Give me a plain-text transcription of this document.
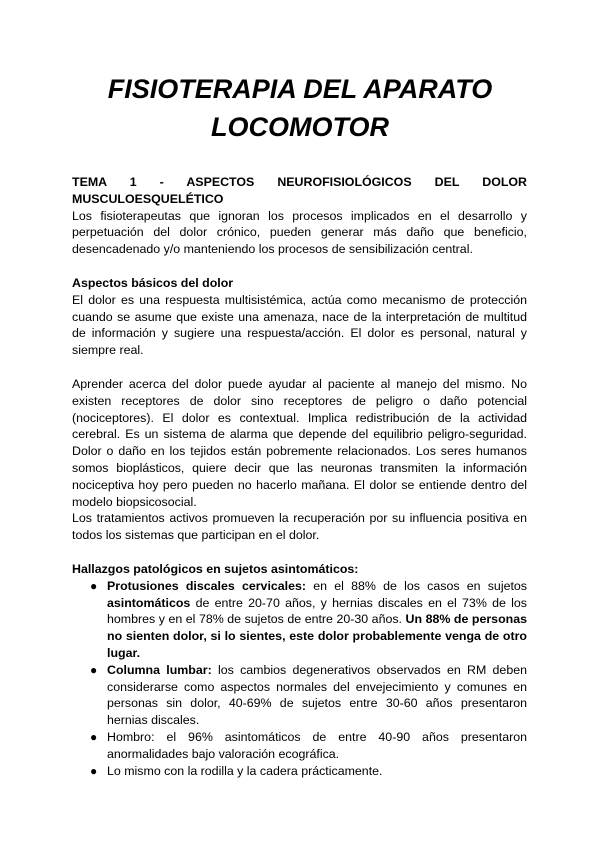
FISIOTERAPIA DEL APARATO
LOCOMOTOR

TEMA 1 - ASPECTOS NEUROFISIOLÓGICOS DEL DOLOR
MUSCULOESQUELÉTICO

Los fisioterapeutas que ignoran los procesos implicados en el desarrollo y perpetuación del dolor crónico, pueden generar más daño que beneficio, desencadenado y/o manteniendo los procesos de sensibilización central.

Aspectos básicos del dolor

El dolor es una respuesta multisistémica, actúa como mecanismo de protección cuando se asume que existe una amenaza, nace de la interpretación de multitud de información y sugiere una respuesta/acción. El dolor es personal, natural y siempre real.

Aprender acerca del dolor puede ayudar al paciente al manejo del mismo. No existen receptores de dolor sino receptores de peligro o daño potencial (nociceptores). El dolor es contextual. Implica redistribución de la actividad cerebral. Es un sistema de alarma que depende del equilibrio peligro-seguridad. Dolor o daño en los tejidos están pobremente relacionados. Los seres humanos somos bioplásticos, quiere decir que las neuronas transmiten la información nociceptiva hoy pero pueden no hacerlo mañana. El dolor se entiende dentro del modelo biopsicosocial.

Los tratamientos activos promueven la recuperación por su influencia positiva en todos los sistemas que participan en el dolor.

Hallazgos patológicos en sujetos asintomáticos:

● Protusiones discales cervicales: en el 88% de los casos en sujetos asintomáticos de entre 20-70 años, y hernias discales en el 73% de los hombres y en el 78% de sujetos de entre 20-30 años. Un 88% de personas no sienten dolor, si lo sientes, este dolor probablemente venga de otro lugar.
● Columna lumbar: los cambios degenerativos observados en RM deben considerarse como aspectos normales del envejecimiento y comunes en personas sin dolor, 40-69% de sujetos entre 30-60 años presentaron hernias discales.
● Hombro: el 96% asintomáticos de entre 40-90 años presentaron anormalidades bajo valoración ecográfica.
● Lo mismo con la rodilla y la cadera prácticamente.
